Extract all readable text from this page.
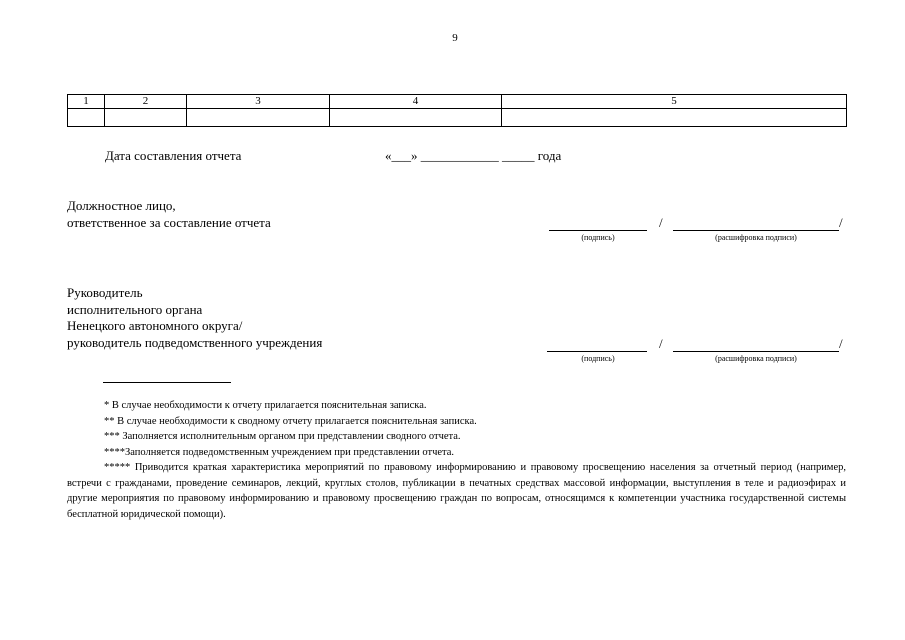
9
1	2	3	4	5

Дата составления отчета	«___» ____________ _____ года
Должностное лицо,
ответственное за составление отчета	/	/
(подпись)	(расшифровка подписи)
Руководитель
исполнительного органа
Ненецкого автономного округа/
руководитель подведомственного учреждения	/	/
(подпись)	(расшифровка подписи)
* В случае необходимости к отчету прилагается пояснительная записка.
** В случае необходимости к сводному отчету прилагается пояснительная записка.
*** Заполняется исполнительным органом при представлении сводного отчета.
****Заполняется подведомственным учреждением при представлении отчета.
***** Приводится краткая характеристика мероприятий по правовому информированию и правовому просвещению населения за отчетный период (например, встречи с гражданами, проведение семинаров, лекций, круглых столов, публикации в печатных средствах массовой информации, выступления в теле и радиоэфирах и другие мероприятия по правовому информированию и правовому просвещению граждан по вопросам, относящимся к компетенции участника государственной системы бесплатной юридической помощи).
